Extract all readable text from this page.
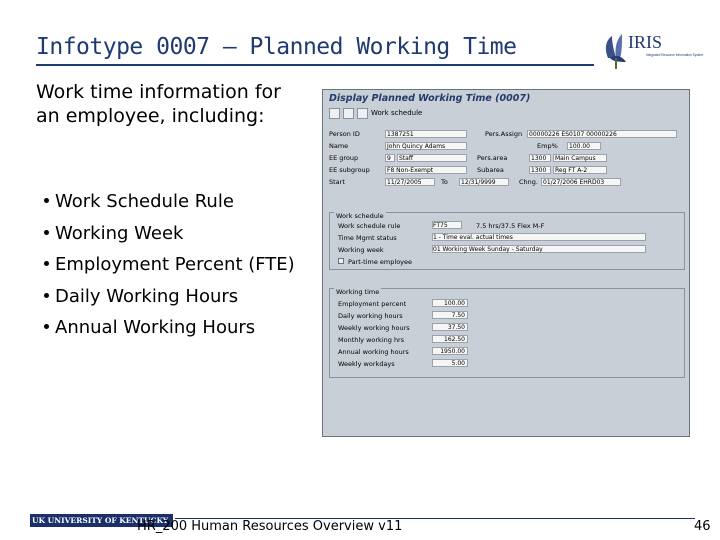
Infotype 0007 – Planned Working Time	IRIS
Integrated Resource Information System
Work time information for an employee, including:
Work Schedule Rule
Working Week
Employment Percent (FTE)
Daily Working Hours
Annual Working Hours
Display Planned Working Time (0007)
Work schedule
Person ID	1387251	Pers.Assign	00000226 ES0107 00000226
Name	John Quincy Adams	Emp%	100.00
EE group	9	Staff	Pers.area	1300	Main Campus
EE subgroup	F8 Non-Exempt	Subarea	1300	Reg FT A-2
Start	11/27/2005	To	12/31/9999	Chng. 01/27/2006 EHRD03
Work schedule
Work schedule rule	FT75	7.5 hrs/37.5 Flex M-F
Time Mgmt status	1 - Time eval. actual times
Working week	01 Working Week Sunday - Saturday
Part-time employee
Working time
Employment percent	100.00
Daily working hours	7.50
Weekly working hours	37.50
Monthly working hrs	162.50
Annual working hours	1950.00
Weekly workdays	5.00
UK UNIVERSITY OF KENTUCKY
HR_200 Human Resources Overview v11	46
